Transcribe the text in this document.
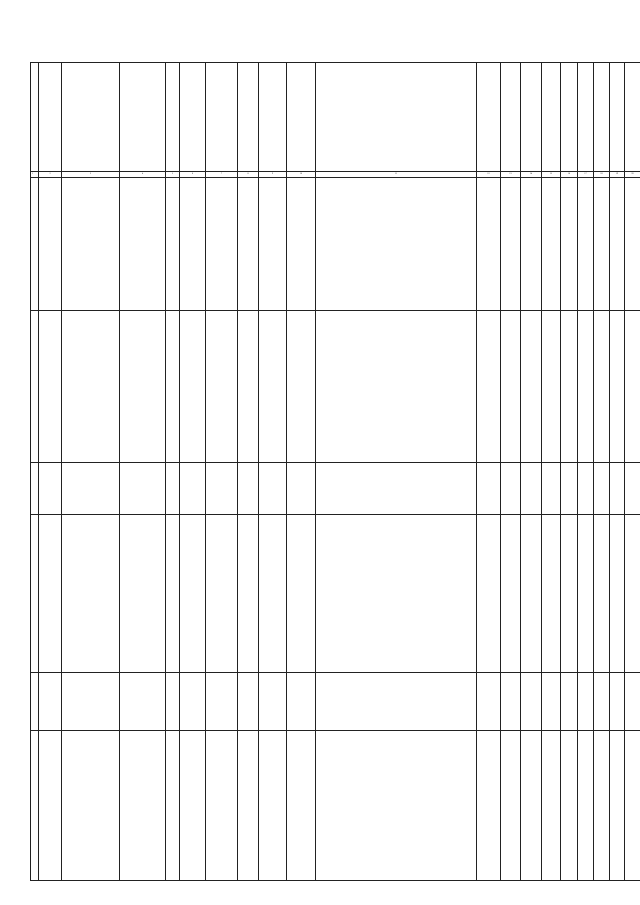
1	2	3	4	5	6	7	8	9	10	11	12	13	14	15	16	17	18	19	20
